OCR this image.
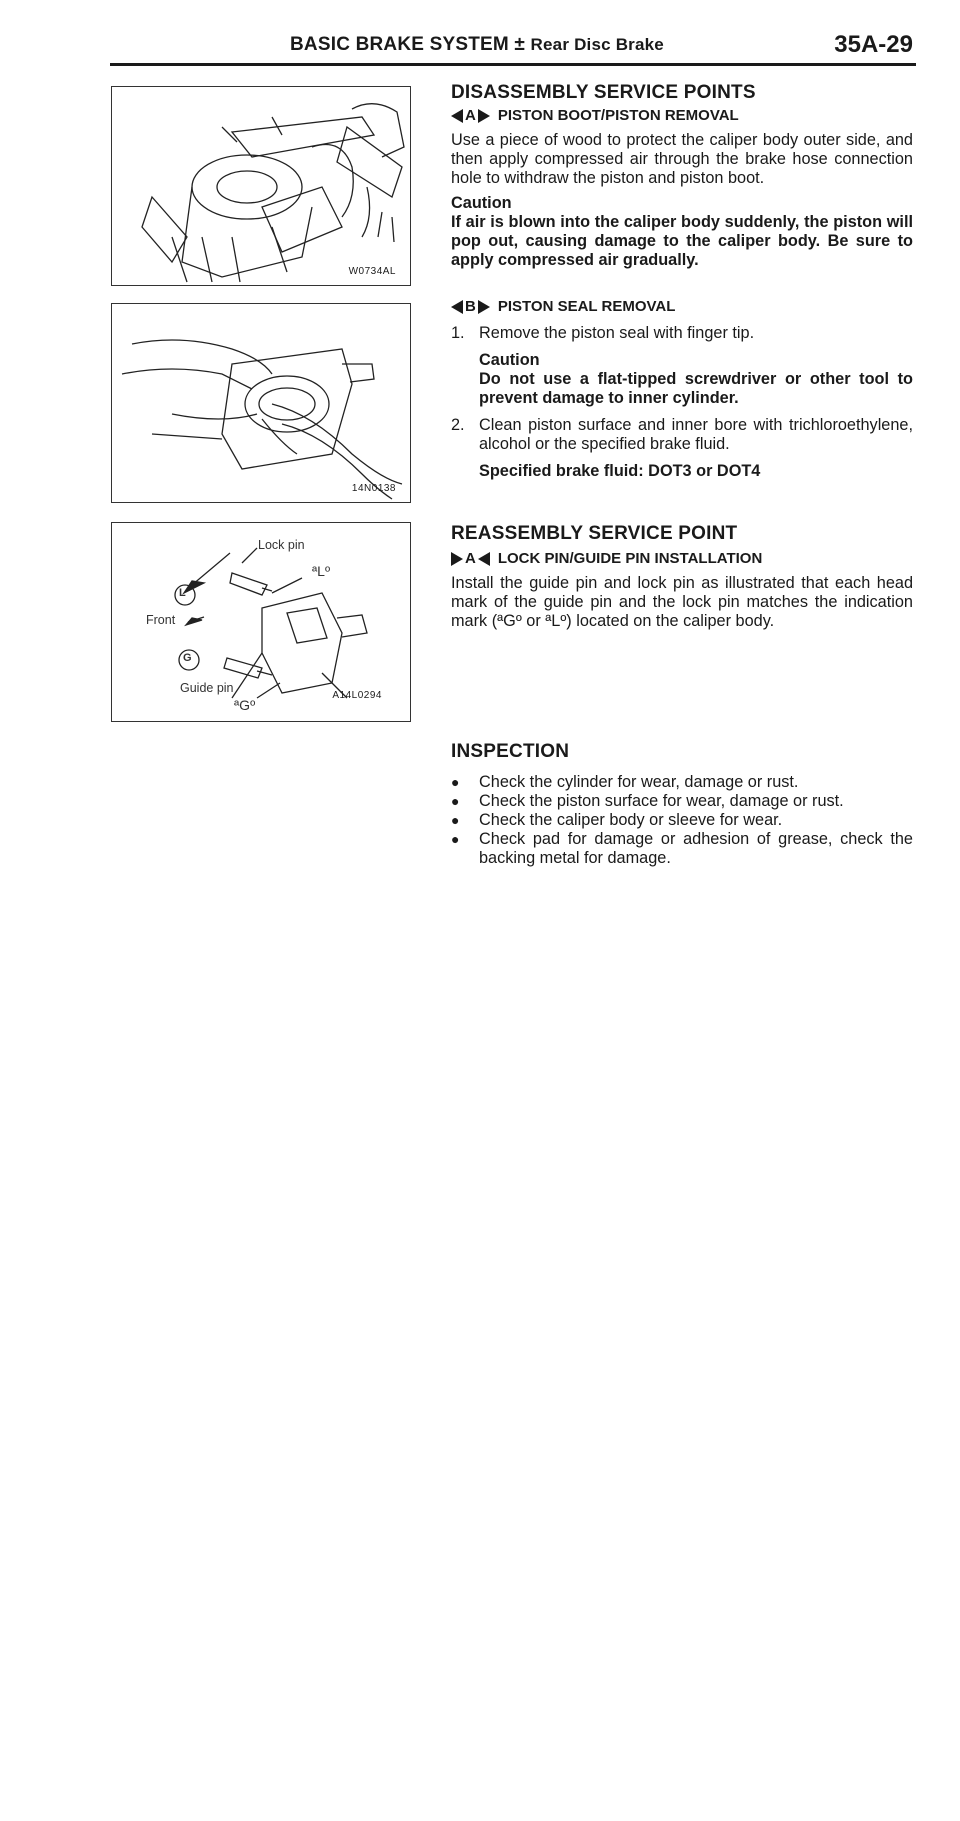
BASIC BRAKE SYSTEM ± Rear Disc Brake	35A-29
W0734AL
14N0138
L
G
Lock pin
ªLº
Front
Guide pin
ªGº
A14L0294
DISASSEMBLY SERVICE POINTS
A PISTON BOOT/PISTON REMOVAL

Use a piece of wood to protect the caliper body outer side, and then apply compressed air through the brake hose connection hole to withdraw the piston and piston boot.

Caution

If air is blown into the caliper body suddenly, the piston will pop out, causing damage to the caliper body. Be sure to apply compressed air gradually.

B PISTON SEAL REMOVAL
1. Remove the piston seal with finger tip.

Caution

Do not use a flat-tipped screwdriver or other tool to prevent damage to inner cylinder.

2. Clean piston surface and inner bore with trichloroethylene, alcohol or the specified brake fluid.

Specified brake fluid: DOT3 or DOT4

REASSEMBLY SERVICE POINT
A LOCK PIN/GUIDE PIN INSTALLATION

Install the guide pin and lock pin as illustrated that each head mark of the guide pin and the lock pin matches the indication mark (ªGº or ªLº) located on the caliper body.

INSPECTION
●	Check the cylinder for wear, damage or rust.
●	Check the piston surface for wear, damage or rust.
●	Check the caliper body or sleeve for wear.
●	Check pad for damage or adhesion of grease, check the backing metal for damage.
